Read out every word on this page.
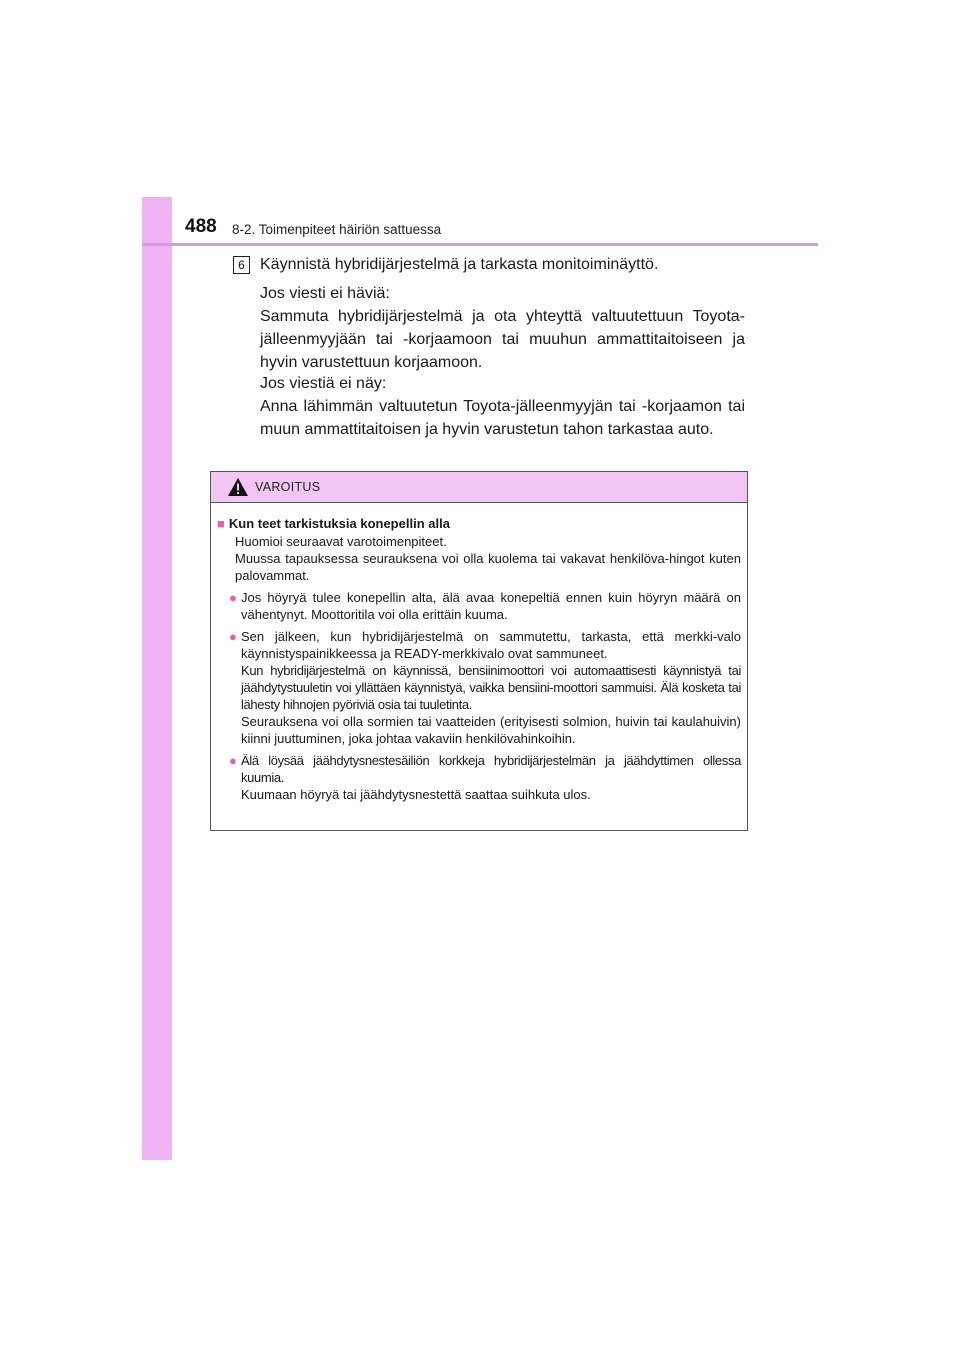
488 8-2. Toimenpiteet häiriön sattuessa
6 Käynnistä hybridijärjestelmä ja tarkasta monitoiminäyttö.
Jos viesti ei häviä:
Sammuta hybridijärjestelmä ja ota yhteyttä valtuutettuun Toyota-jälleenmyyjään tai -korjaamoon tai muuhun ammattitaitoiseen ja hyvin varustettuun korjaamoon.
Jos viestiä ei näy:
Anna lähimmän valtuutetun Toyota-jälleenmyyjän tai -korjaamon tai muun ammattitaitoisen ja hyvin varustetun tahon tarkastaa auto.
VAROITUS
■ Kun teet tarkistuksia konepellin alla
Huomioi seuraavat varotoimenpiteet.
Muussa tapauksessa seurauksena voi olla kuolema tai vakavat henkilöva-hingot kuten palovammat.
● Jos höyryä tulee konepellin alta, älä avaa konepeltiä ennen kuin höyryn määrä on vähentynyt. Moottoritila voi olla erittäin kuuma.
● Sen jälkeen, kun hybridijärjestelmä on sammutettu, tarkasta, että merkki-valo käynnistyspainikkeessa ja READY-merkkivalo ovat sammuneet.
Kun hybridijärjestelmä on käynnissä, bensiinimoottori voi automaattisesti käynnistyä tai jäähdytystuuletin voi yllättäen käynnistyä, vaikka bensiini-moottori sammuisi. Älä kosketa tai lähesty hihnojen pyöriviä osia tai tuuletinta.
Seurauksena voi olla sormien tai vaatteiden (erityisesti solmion, huivin tai kaulahuivin) kiinni juuttuminen, joka johtaa vakaviin henkilövahinkoihin.
● Älä löysää jäähdytysnestesäiliön korkkeja hybridijärjestelmän ja jäähdyttimen ollessa kuumia.
Kuumaan höyryä tai jäähdytysnestettä saattaa suihkuta ulos.
